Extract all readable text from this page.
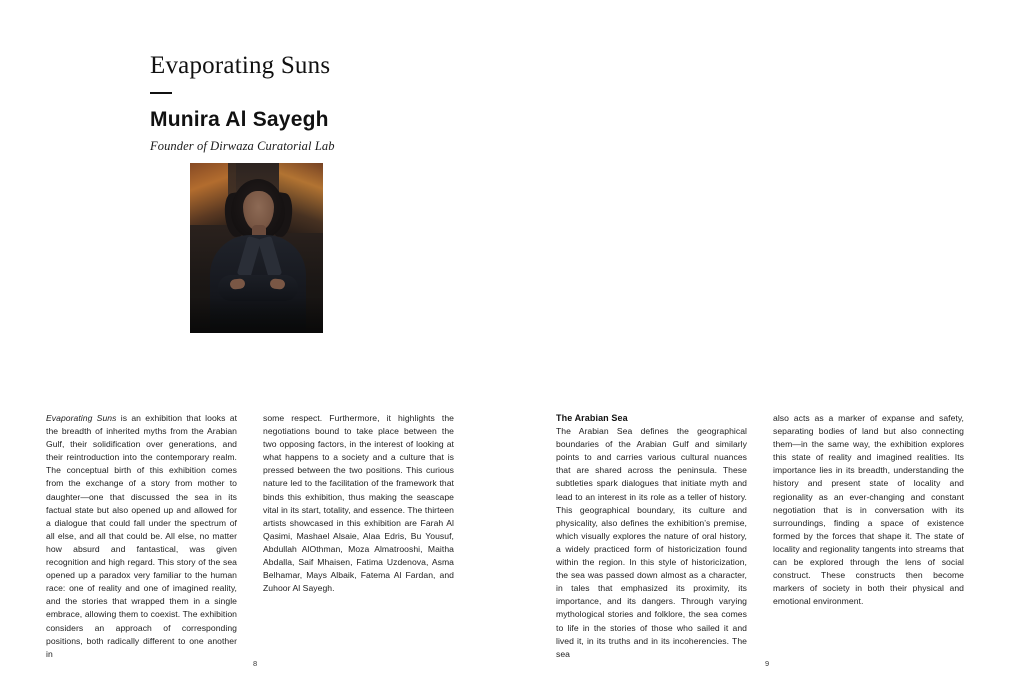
Evaporating Suns
Munira Al Sayegh

Founder of Dirwaza Curatorial Lab

Evaporating Suns is an exhibition that looks at the breadth of inherited myths from the Arabian Gulf, their solidification over generations, and their reintroduction into the contemporary realm. The conceptual birth of this exhibition comes from the exchange of a story from mother to daughter—one that discussed the sea in its factual state but also opened up and allowed for a dialogue that could fall under the spectrum of all else, and all that could be. All else, no matter how absurd and fantastical, was given recognition and high regard. This story of the sea opened up a paradox very familiar to the human race: one of reality and one of imagined reality, and the stories that wrapped them in a single embrace, allowing them to coexist. The exhibition considers an approach of corresponding positions, both radically different to one another in

some respect. Furthermore, it highlights the negotiations bound to take place between the two opposing factors, in the interest of looking at what happens to a society and a culture that is pressed between the two positions. This curious nature led to the facilitation of the framework that binds this exhibition, thus making the seascape vital in its start, totality, and essence. The thirteen artists showcased in this exhibition are Farah Al Qasimi, Mashael Alsaie, Alaa Edris, Bu Yousuf, Abdullah AlOthman, Moza Almatrooshi, Maitha Abdalla, Saif Mhaisen, Fatima Uzdenova, Asma Belhamar, Mays Albaik, Fatema Al Fardan, and Zuhoor Al Sayegh.

8

The Arabian Sea

The Arabian Sea defines the geographical boundaries of the Arabian Gulf and similarly points to and carries various cultural nuances that are shared across the peninsula. These subtleties spark dialogues that initiate myth and lead to an interest in its role as a teller of history. This geographical boundary, its culture and physicality, also defines the exhibition’s premise, which visually explores the nature of oral history, a widely practiced form of historicization found within the region. In this style of historicization, the sea was passed down almost as a character, in tales that emphasized its proximity, its importance, and its dangers. Through varying mythological stories and folklore, the sea comes to life in the stories of those who sailed it and lived it, in its truths and in its incoherencies. The sea

also acts as a marker of expanse and safety, separating bodies of land but also connecting them—in the same way, the exhibition explores this state of reality and imagined realities. Its importance lies in its breadth, understanding the history and present state of locality and regionality as an ever-changing and constant negotiation that is in conversation with its surroundings, finding a space of existence formed by the forces that shape it. The state of locality and regionality tangents into streams that can be explored through the lens of social construct. These constructs then become markers of society in both their physical and emotional environment.

9
